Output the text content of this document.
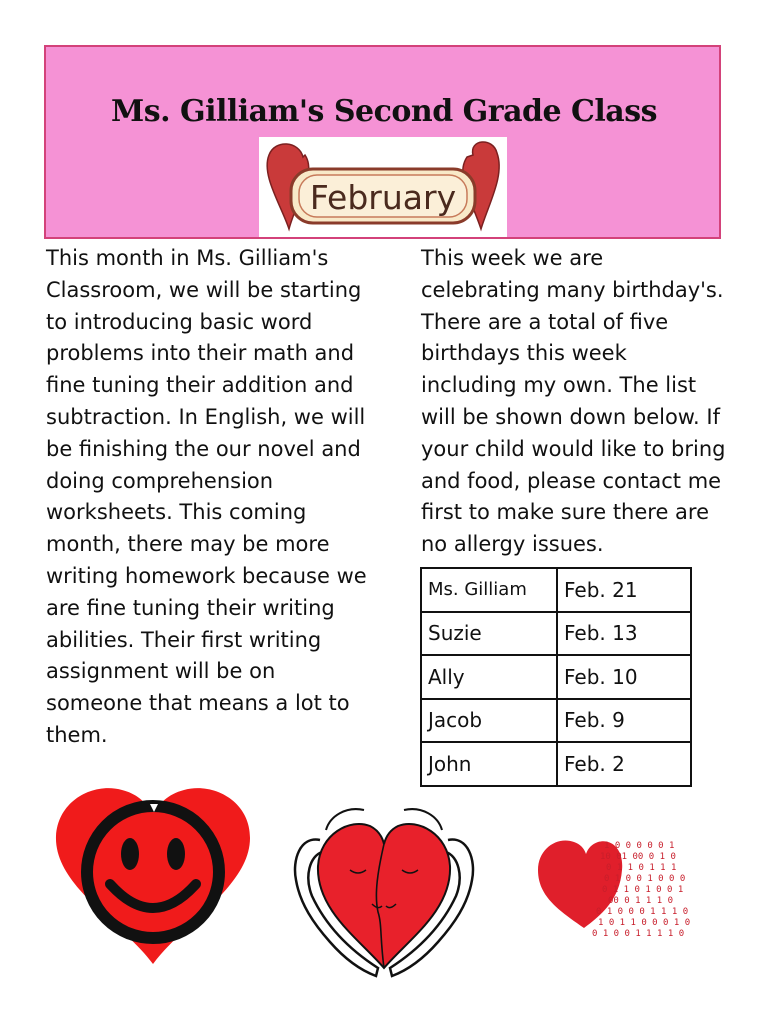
Ms. Gilliam's Second Grade Class
February

This month in Ms. Gilliam's Classroom, we will be starting to introducing basic word problems into their math and fine tuning their addition and subtraction. In English, we will be finishing the our novel and doing comprehension worksheets. This coming month, there may be more writing homework because we are fine tuning their writing abilities. Their first writing assignment will be on someone that means a lot to them.

This week we are celebrating many birthday's. There are a total of five birthdays this week including my own. The list will be shown down below. If your child would like to bring and food, please contact me first to make sure there are no allergy issues.

Ms. Gilliam	Feb. 21
Suzie	Feb. 13
Ally	Feb. 10
Jacob	Feb. 9
John	Feb. 2
1 0 0 0 0 0 1
10 01 00 0 1 0
0 1 1 0 1 1 1
0 1 0 0 1 0 0 0
0 1 1 0 1 0 0 1
00 0 1 1 1 0
0 1 0 0 0 1 1 1 0
1 0 1 1 0 0 0 1 0
0 1 0 0 1 1 1 1 0
